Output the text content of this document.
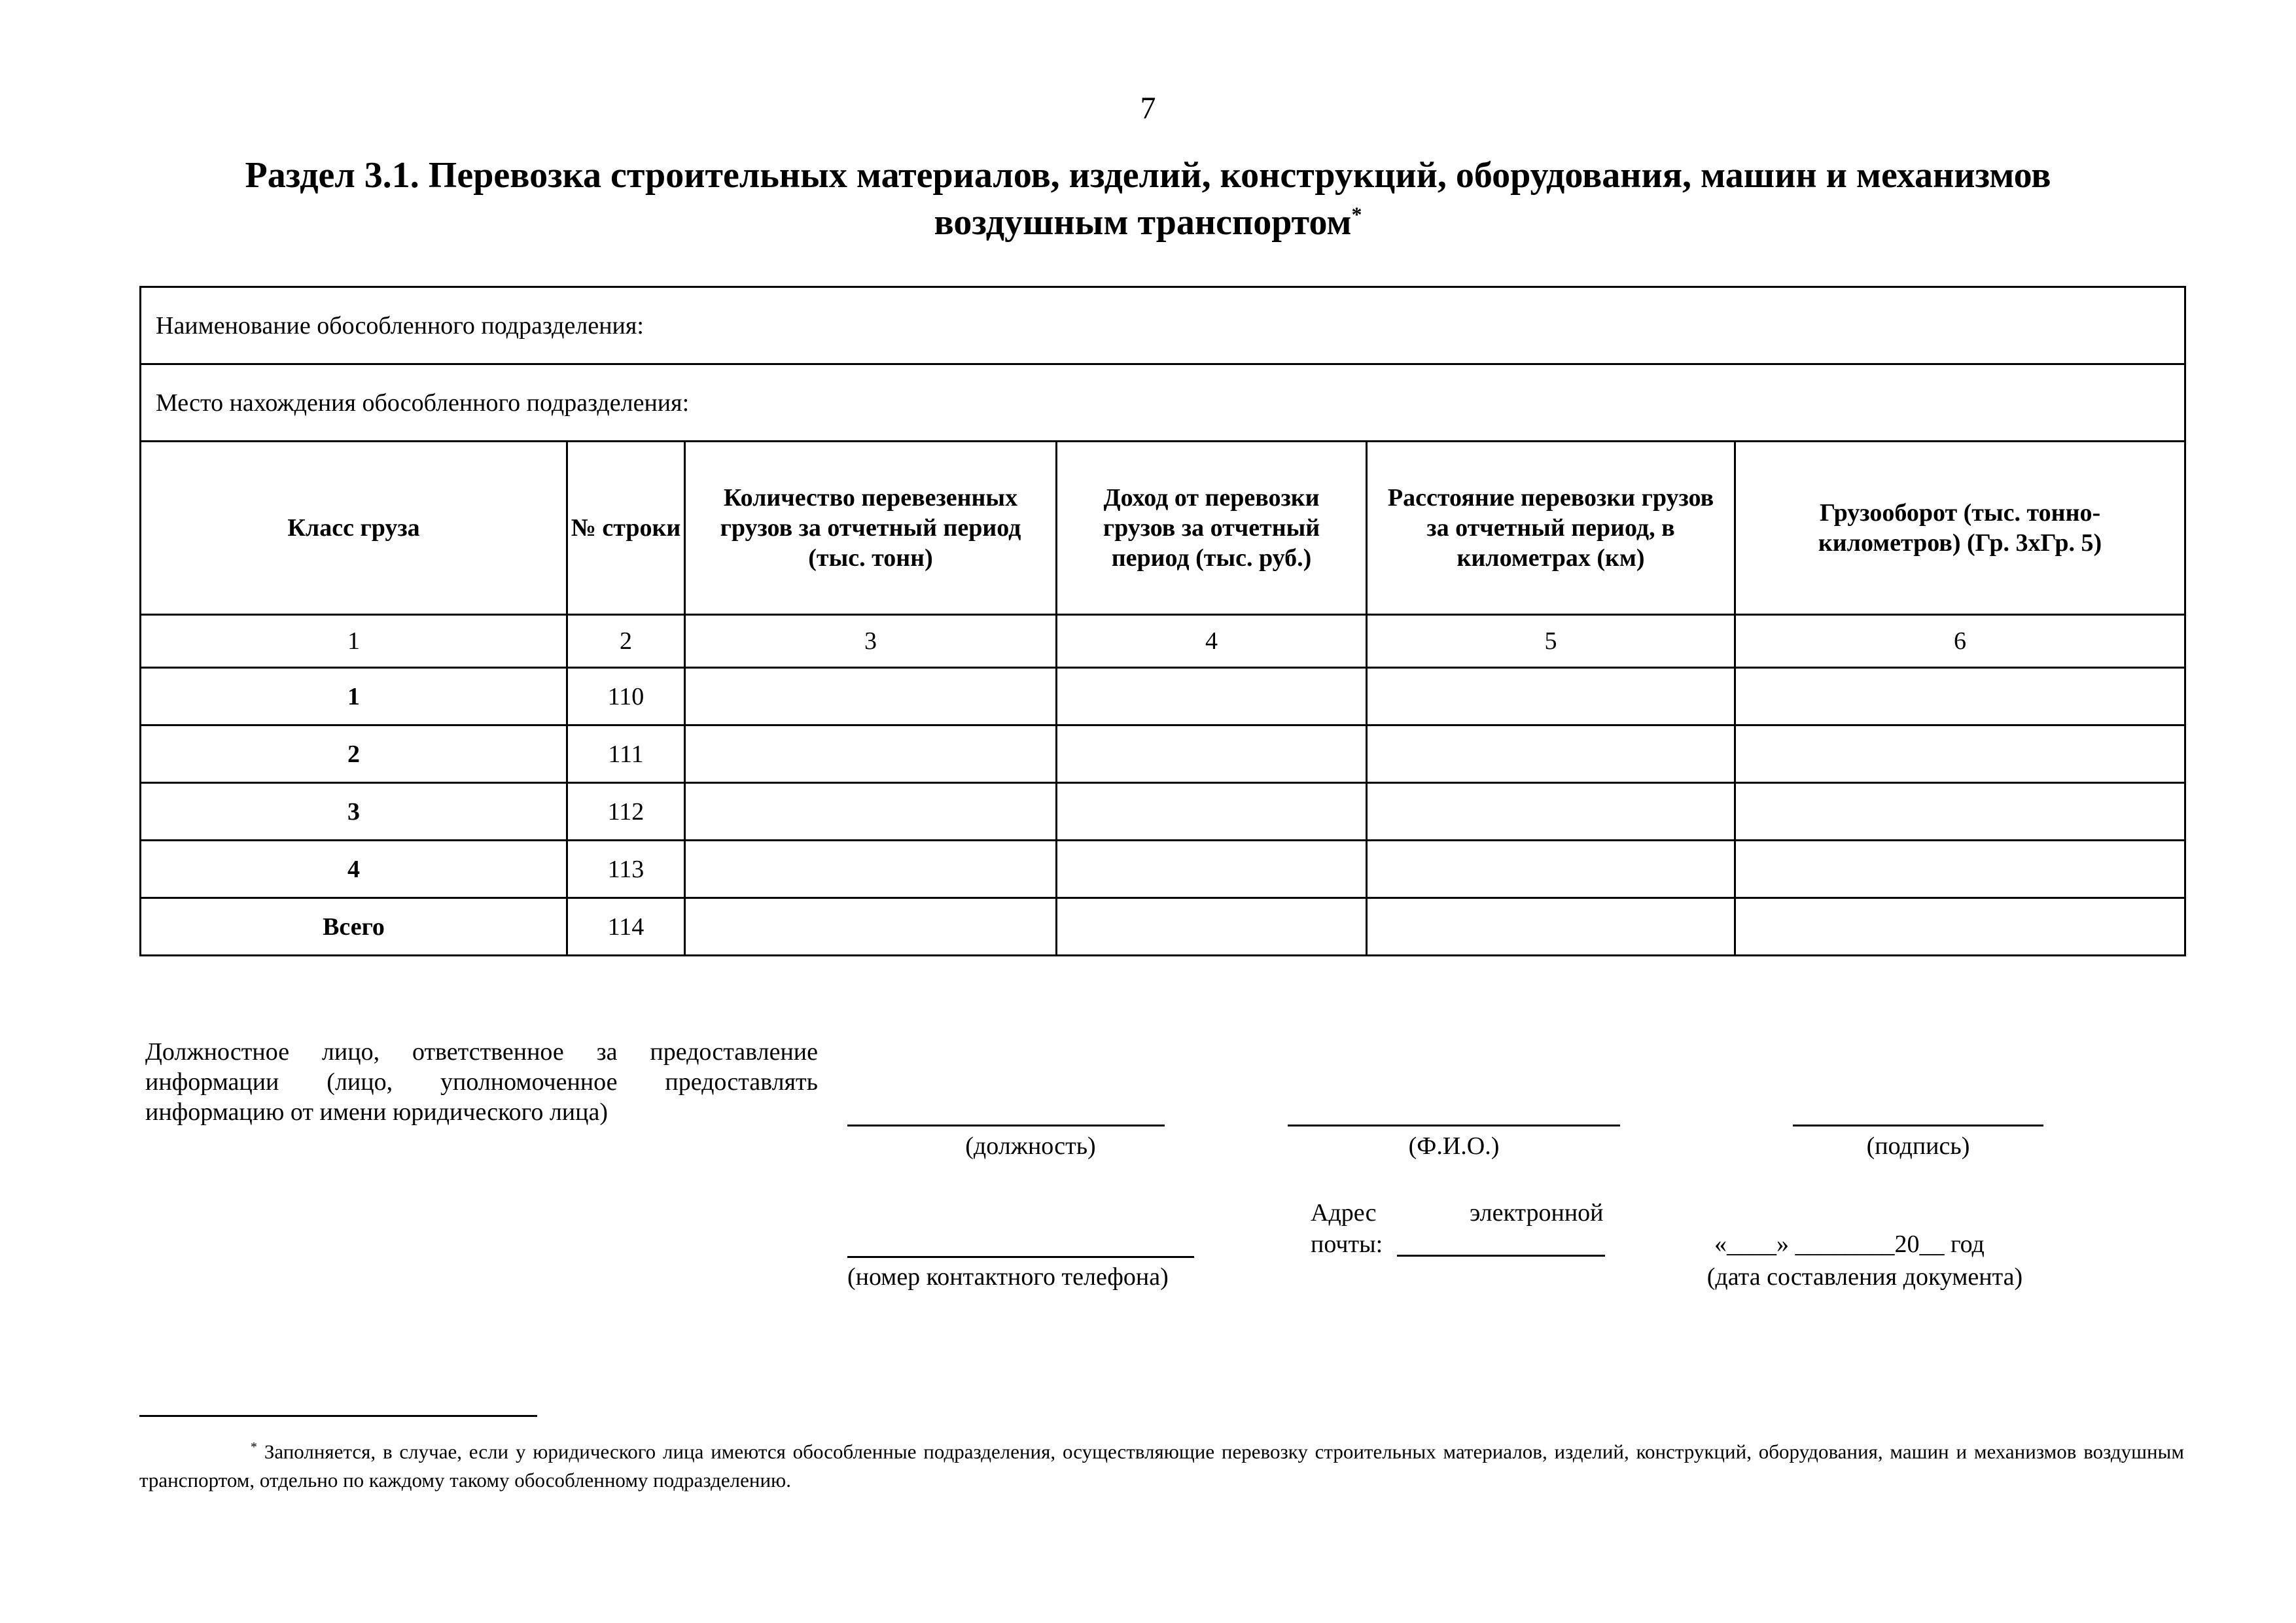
7
Раздел 3.1. Перевозка строительных материалов, изделий, конструкций, оборудования, машин и механизмов
воздушным транспортом*
Наименование обособленного подразделения:					
Место нахождения обособленного подразделения:					
Класс груза	№ строки	Количество перевезенных грузов за отчетный период (тыс. тонн)	Доход от перевозки грузов за отчетный период (тыс. руб.)	Расстояние перевозки грузов за отчетный период, в километрах (км)	Грузооборот (тыс. тонно-километров) (Гр. 3хГр. 5)
1	2	3	4	5	6
1	110				
2	111				
3	112				
4	113				
Всего	114				
Должностное лицо, ответственное за предоставление информации (лицо, уполномоченное предоставлять информацию от имени юридического лица)
(должность)	(Ф.И.О.)	(подпись)
(номер контактного телефона)
Адрес	электронной
почты:	«____» ________20__ год
(дата составления документа)
* Заполняется, в случае, если у юридического лица имеются обособленные подразделения, осуществляющие перевозку строительных материалов, изделий, конструкций, оборудования, машин и механизмов воздушным транспортом, отдельно по каждому такому обособленному подразделению.
